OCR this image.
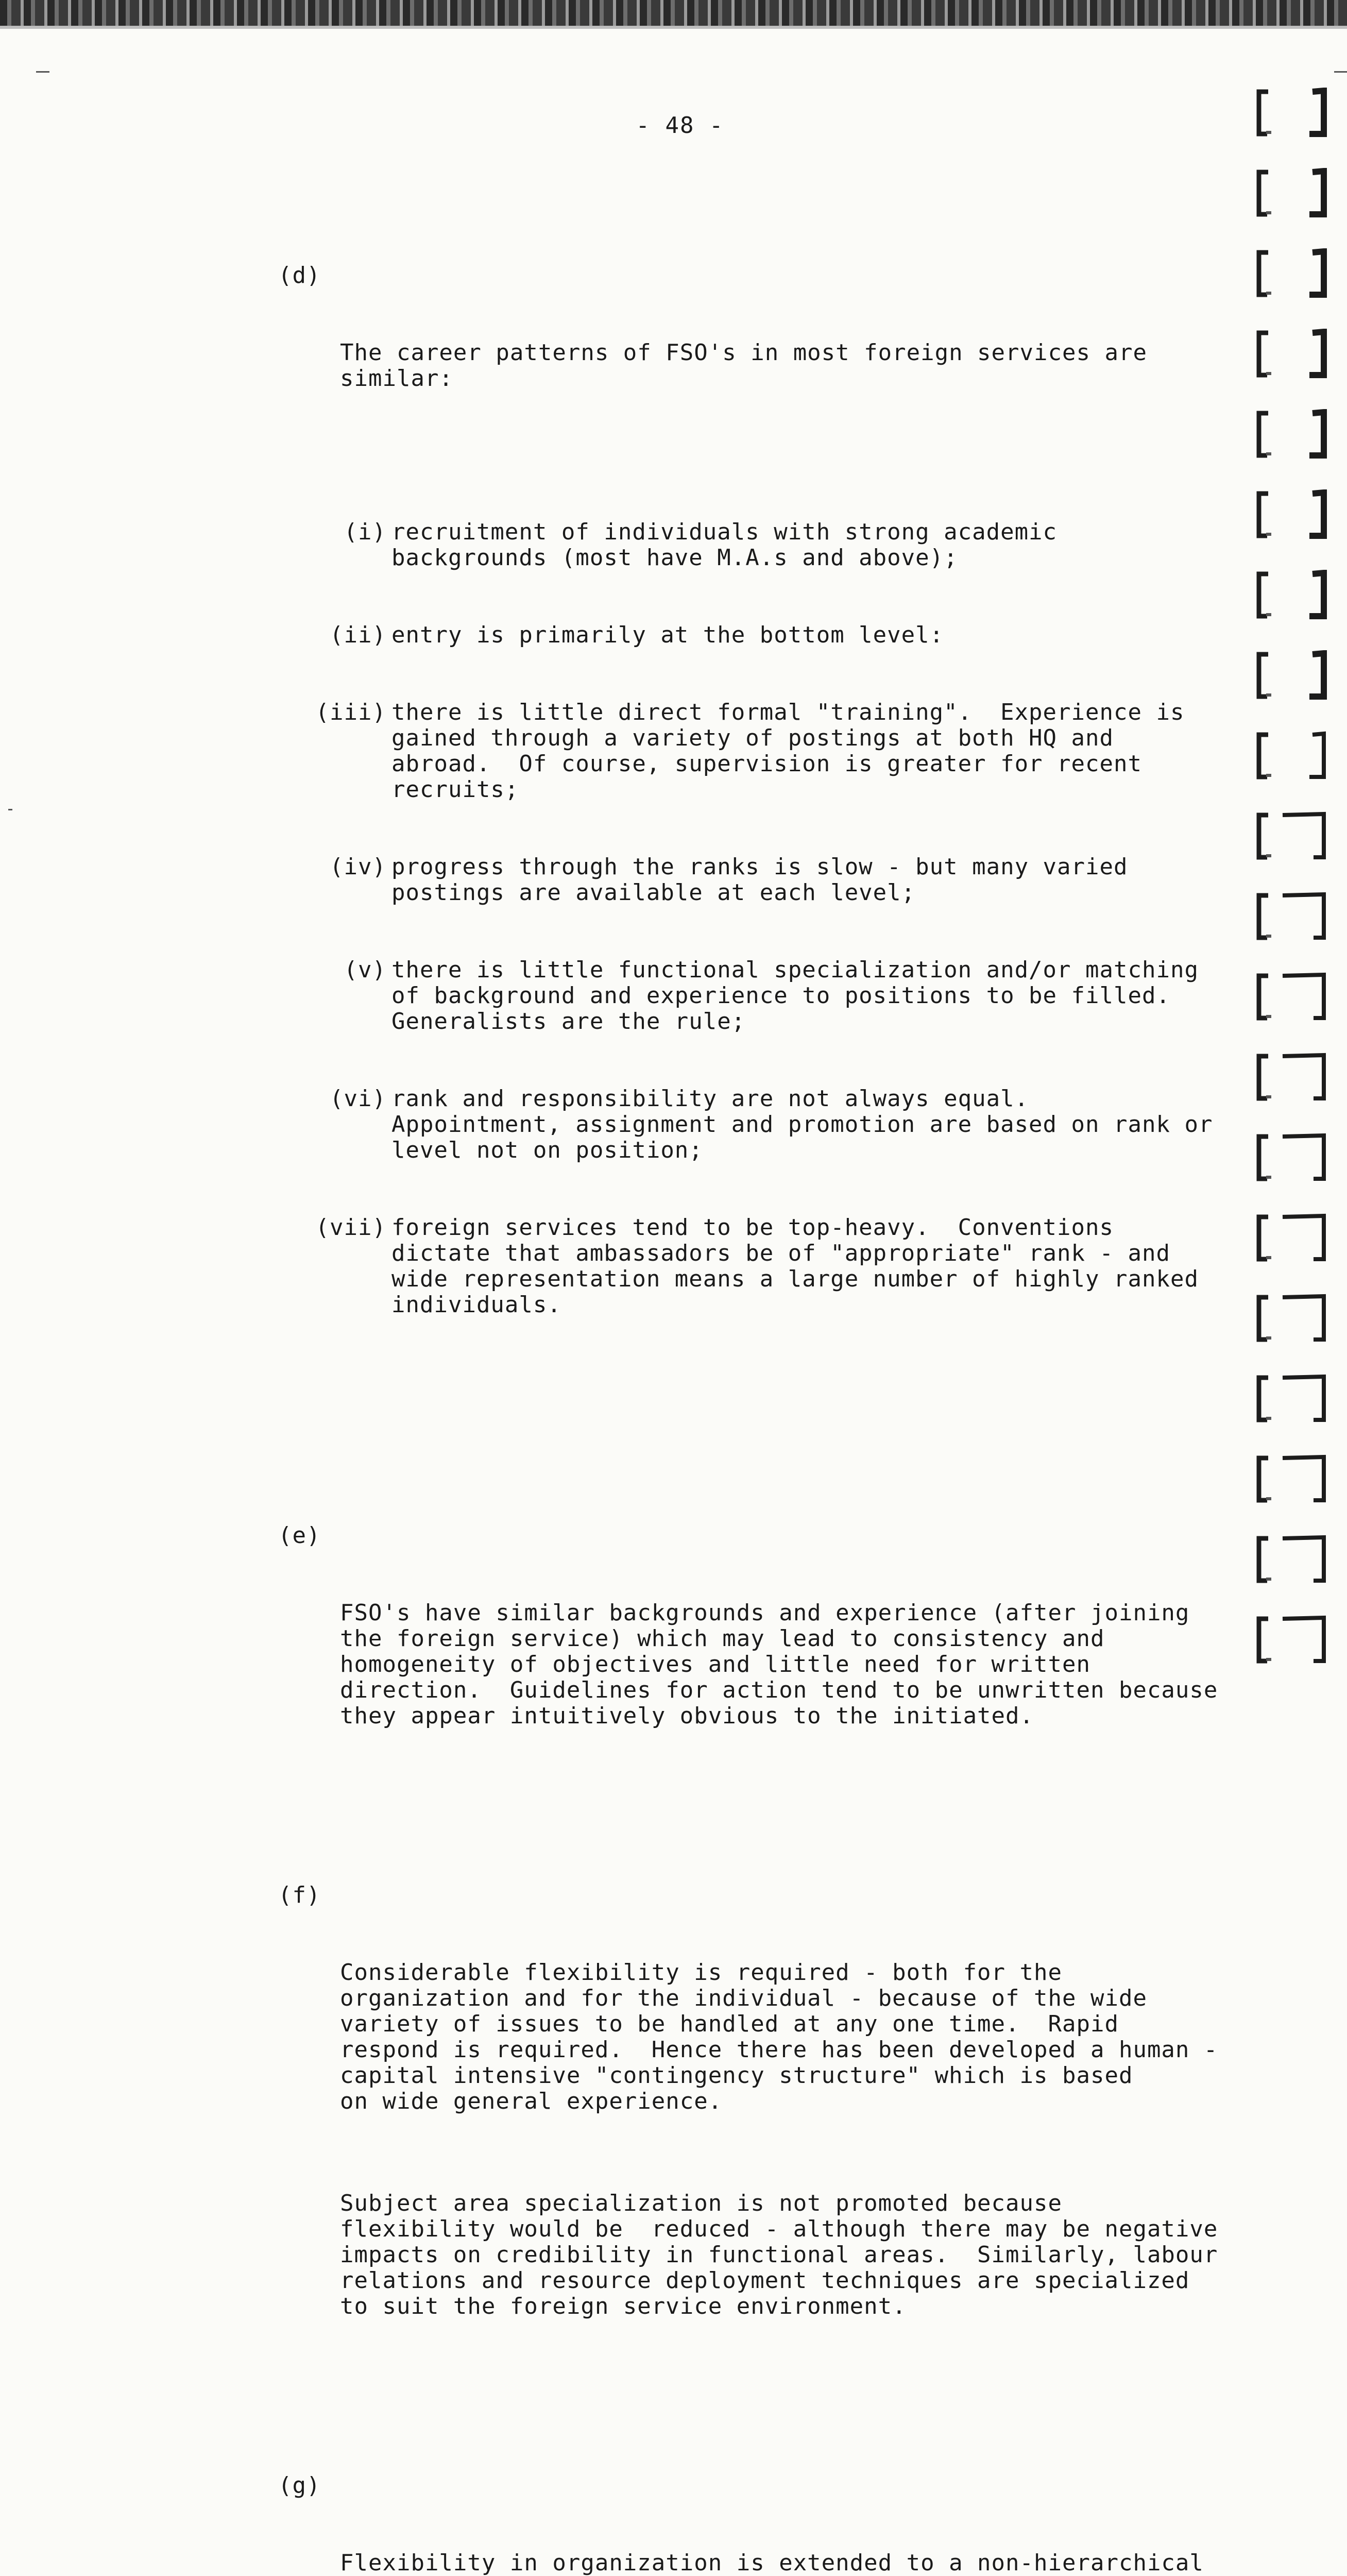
- 48 -

(d)

The career patterns of FSO's in most foreign services are
similar:

(i) recruitment of individuals with strong academic
backgrounds (most have M.A.s and above);

(ii) entry is primarily at the bottom level:

(iii) there is little direct formal "training".  Experience is
gained through a variety of postings at both HQ and
abroad.  Of course, supervision is greater for recent
recruits;

(iv) progress through the ranks is slow - but many varied
postings are available at each level;

(v) there is little functional specialization and/or matching
of background and experience to positions to be filled.
Generalists are the rule;

(vi) rank and responsibility are not always equal.
Appointment, assignment and promotion are based on rank or
level not on position;

(vii) foreign services tend to be top-heavy.  Conventions
dictate that ambassadors be of "appropriate" rank - and
wide representation means a large number of highly ranked
individuals.

(e)

FSO's have similar backgrounds and experience (after joining
the foreign service) which may lead to consistency and
homogeneity of objectives and little need for written
direction.  Guidelines for action tend to be unwritten because
they appear intuitively obvious to the initiated.

(f)

Considerable flexibility is required - both for the
organization and for the individual - because of the wide
variety of issues to be handled at any one time.  Rapid
respond is required.  Hence there has been developed a human -
capital intensive "contingency structure" which is based
on wide general experience.

Subject area specialization is not promoted because
flexibility would be  reduced - although there may be negative
impacts on credibility in functional areas.  Similarly, labour
relations and resource deployment techniques are specialized
to suit the foreign service environment.

(g)

Flexibility in organization is extended to a non-hierarchical
